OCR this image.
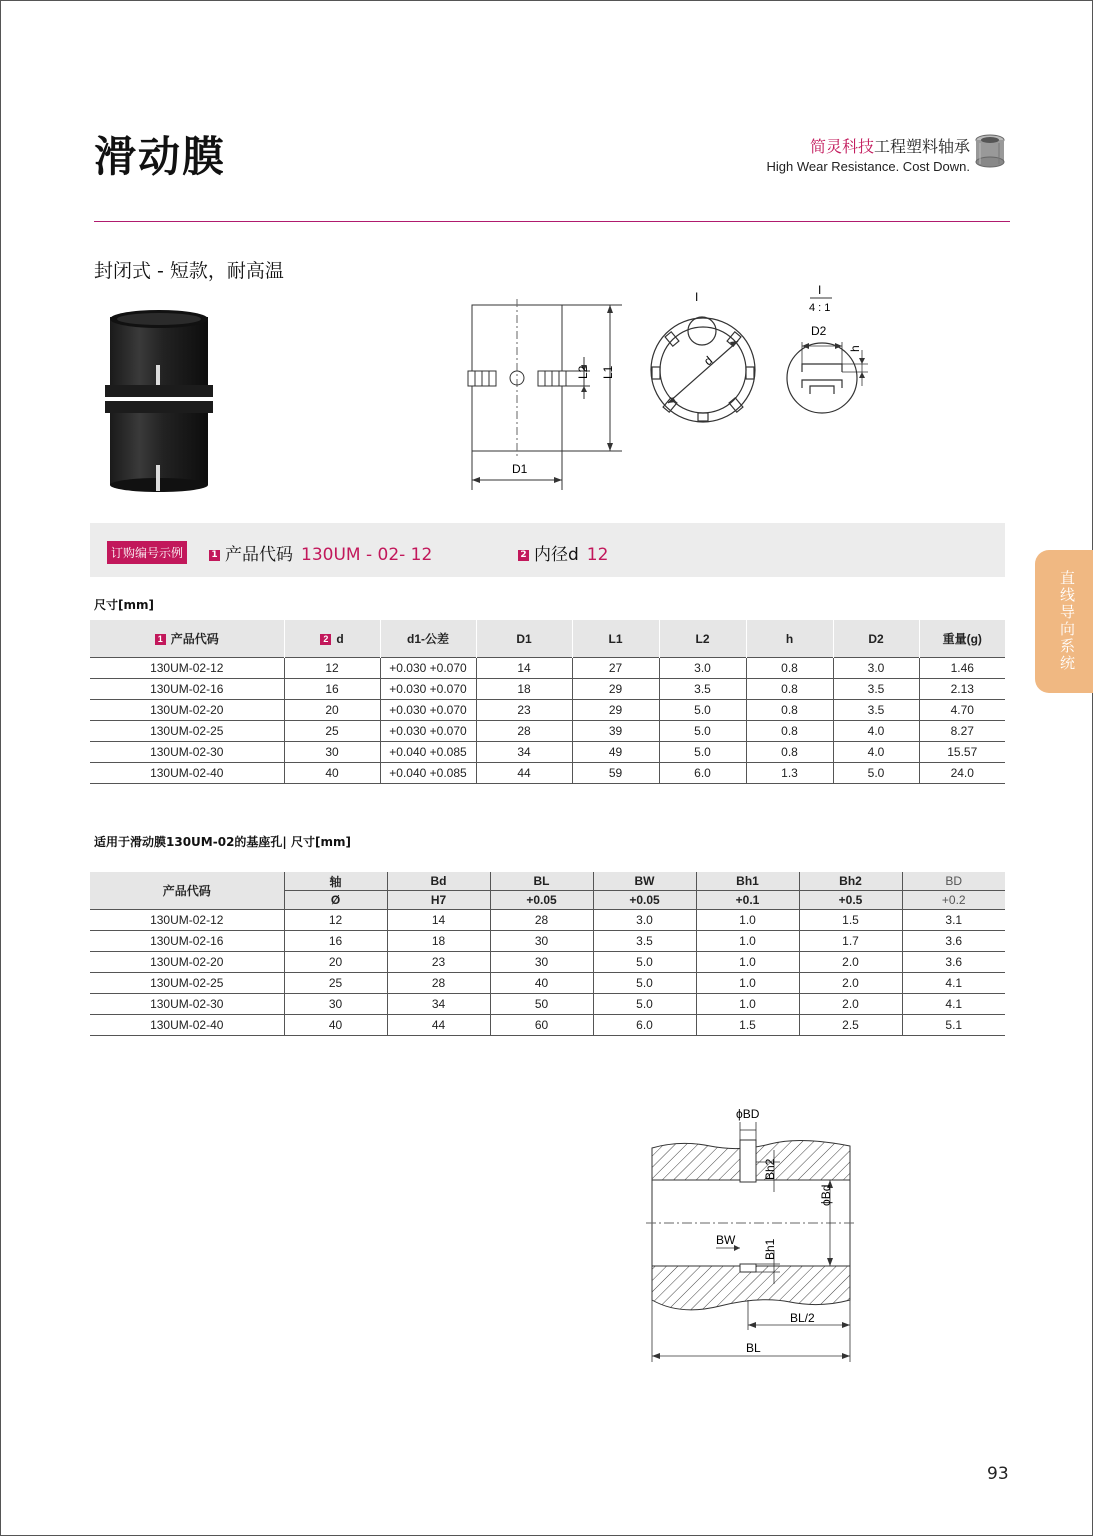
滑动膜	简灵科技工程塑料轴承
High Wear Resistance. Cost Down.
封闭式 - 短款，耐高温
L2 L1
D1
d
I	I
4 : 1
D2
h
订购编号示例	1 产品代码 130UM - 02- 12	2 内径d 12
尺寸[mm]
1 产品代码	2 d	d1-公差	D1	L1	L2	h	D2	重量(g)
130UM-02-12	12	+0.030 +0.070	14	27	3.0	0.8	3.0	1.46
130UM-02-16	16	+0.030 +0.070	18	29	3.5	0.8	3.5	2.13
130UM-02-20	20	+0.030 +0.070	23	29	5.0	0.8	3.5	4.70
130UM-02-25	25	+0.030 +0.070	28	39	5.0	0.8	4.0	8.27
130UM-02-30	30	+0.040 +0.085	34	49	5.0	0.8	4.0	15.57
130UM-02-40	40	+0.040 +0.085	44	59	6.0	1.3	5.0	24.0
适用于滑动膜130UM-02的基座孔| 尺寸[mm]
产品代码	轴	Bd	BL	BW	Bh1	Bh2	BD
	Ø	H7	+0.05	+0.05	+0.1	+0.5	+0.2
130UM-02-12	12	14	28	3.0	1.0	1.5	3.1
130UM-02-16	16	18	30	3.5	1.0	1.7	3.6
130UM-02-20	20	23	30	5.0	1.0	2.0	3.6
130UM-02-25	25	28	40	5.0	1.0	2.0	4.1
130UM-02-30	30	34	50	5.0	1.0	2.0	4.1
130UM-02-40	40	44	60	6.0	1.5	2.5	5.1
ϕBD
Bh2
ϕBd
BW Bh1
BL/2
BL
直线导向系统
93
